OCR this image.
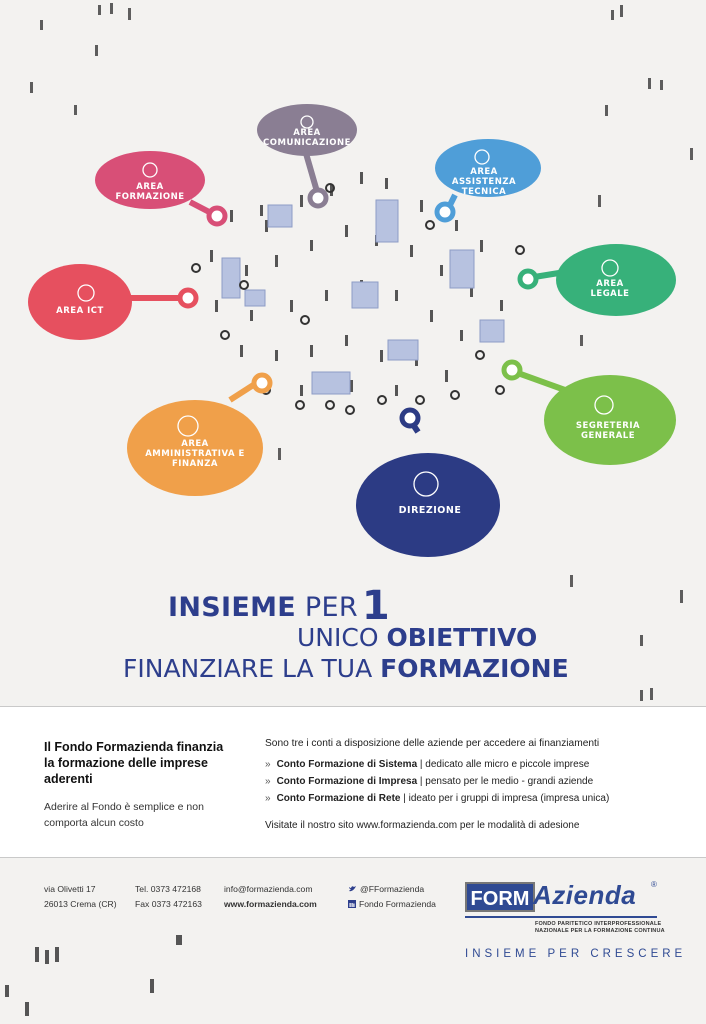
AREA COMUNICAZIONE
AREA FORMAZIONE
AREA ASSISTENZA TECNICA
AREA LEGALE
AREA ICT
SEGRETERIA GENERALE
AREA AMMINISTRATIVA E FINANZA
DIREZIONE
INSIEME PER 1
UNICO OBIETTIVO
FINANZIARE LA TUA FORMAZIONE
Il Fondo Formazienda finanzia la formazione delle imprese aderenti
Aderire al Fondo è semplice e non comporta alcun costo
Sono tre i conti a disposizione delle aziende per accedere ai finanziamenti
» Conto Formazione di Sistema | dedicato alle micro e piccole imprese
» Conto Formazione di Impresa | pensato per le medio - grandi aziende
» Conto Formazione di Rete | ideato per i gruppi di impresa (impresa unica)
Visitate il nostro sito www.formazienda.com per le modalità di adesione
via Olivetti 17
26013 Crema (CR)
Tel. 0373 472168
Fax 0373 472163
info@formazienda.com
www.formazienda.com
@FFormazienda
Fondo Formazienda FORM Azienda ®
FONDO PARITETICO INTERPROFESSIONALE
NAZIONALE PER LA FORMAZIONE CONTINUA
INSIEME PER CRESCERE
